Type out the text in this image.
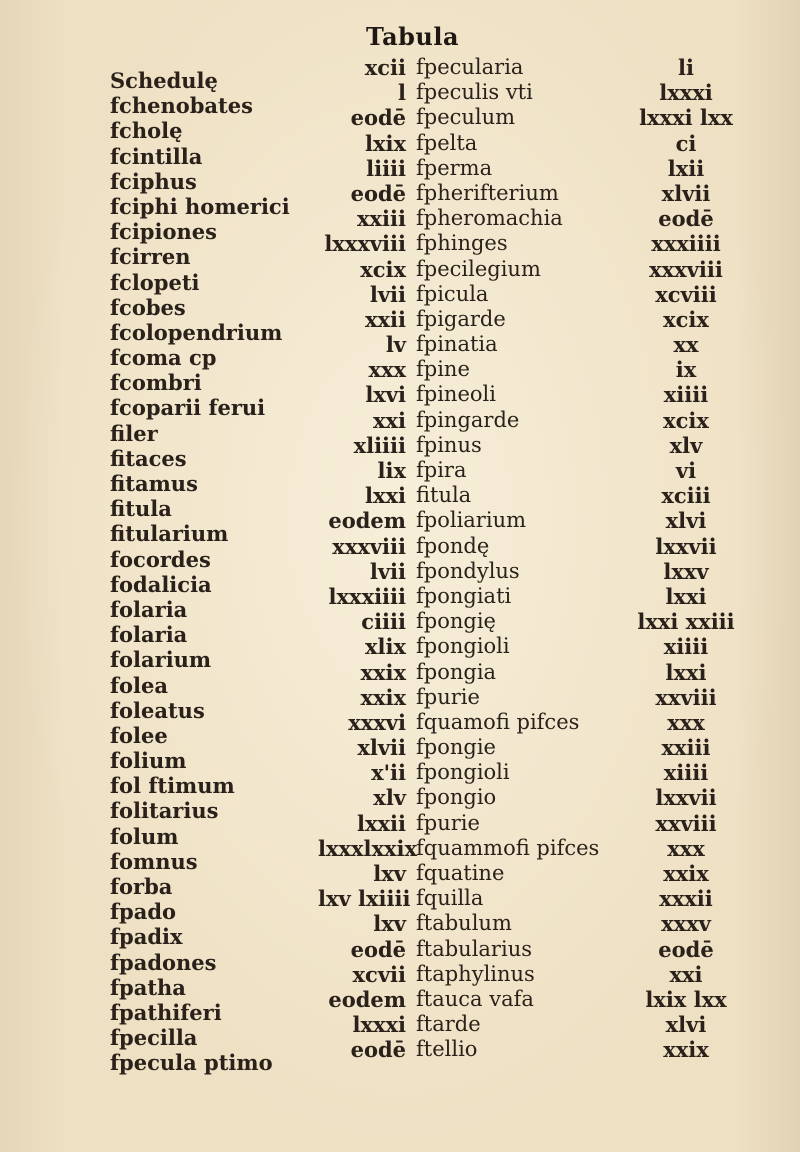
Tabula
Schedulę
fchenobates
fcholę
fcintilla
fciphus
fciphi homerici
fcipiones
fcirren
fclopeti
fcobes
fcolopendrium
fcoma cp
fcombri
fcoparii ferui
filer
fitaces
fitamus
fitula
fitularium
focordes
fodalicia
folaria
folaria
folarium
folea
foleatus
folee
folium
fol ftimum
folitarius
folum
fomnus
forba
fpado
fpadix
fpadones
fpatha
fpathiferi
fpecilla
fpecula ptimo
xcii
l
eodē
lxix
liiii
eodē
xxiii
lxxxviii
xcix
lvii
xxii
lv
xxx
lxvi
xxi
xliiii
lix
lxxi
eodem
xxxviii
lvii
lxxxiiii
ciiii
xlix
xxix
xxix
xxxvi
xlvii
x'ii
xlv
lxxii
lxxxlxxix
lxv
lxv lxiiii
lxv
eodē
xcvii
eodem
lxxxi
eodē
fpecularia
fpeculis vti
fpeculum
fpelta
fperma
fpherifterium
fpheromachia
fphinges
fpecilegium
fpicula
fpigarde
fpinatia
fpine
fpineoli
fpingarde
fpinus
fpira
fitula
fpoliarium
fpondę
fpondylus
fpongiati
fpongię
fpongioli
fpongia
fpurie
fquamofi pifces
fpongie
fpongioli
fpongio
fpurie
fquammofi pifces
fquatine
fquilla
ftabulum
ftabularius
ftaphylinus
ftauca vafa
ftarde
ftellio
li
lxxxi
lxxxi lxx
ci
lxii
xlvii
eodē
xxxiiii
xxxviii
xcviii
xcix
xx
ix
xiiii
xcix
xlv
vi
xciii
xlvi
lxxvii
lxxv
lxxi
lxxi xxiii
xiiii
lxxi
xxviii
xxx
xxiii
xiiii
lxxvii
xxviii
xxx
xxix
xxxii
xxxv
eodē
xxi
lxix lxx
xlvi
xxix
